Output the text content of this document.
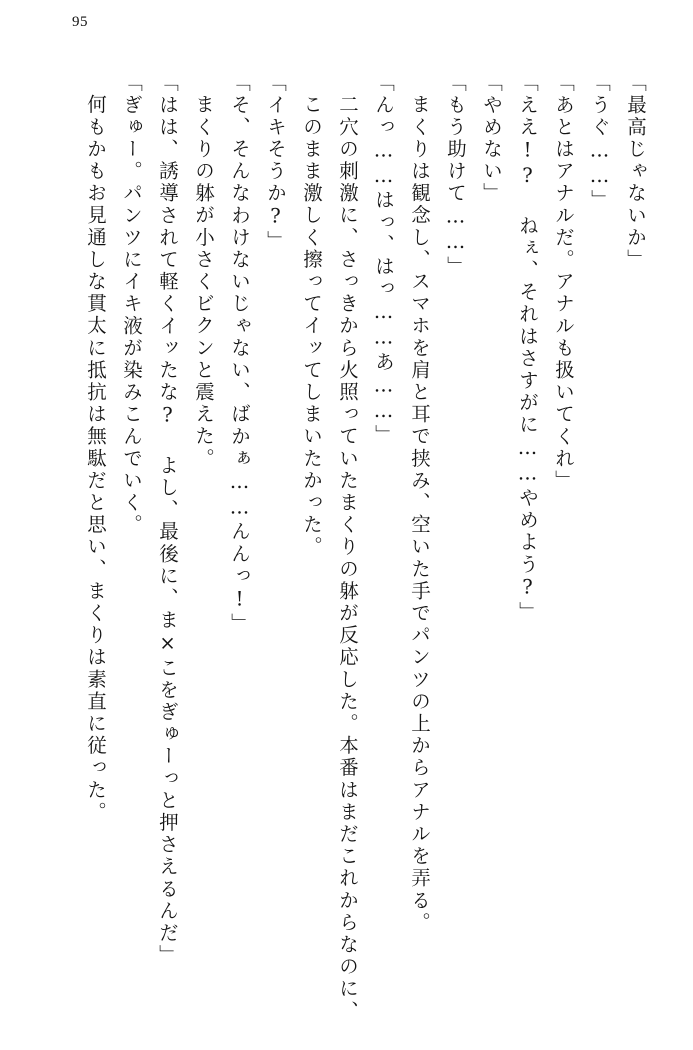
95
「最高じゃないか」
「うぐ……」
「あとはアナルだ。アナルも扱いてくれ」
「ええ!? ねぇ、それはさすがに……やめよう?」
「やめない」
「もう助けて……」
まくりは観念し、スマホを肩と耳で挟み、空いた手でパンツの上からアナルを弄る。
「んっ……はっ、はっ……あ……」
二穴の刺激に、さっきから火照っていたまくりの躰が反応した。本番はまだこれからなのに、このまま激しく擦ってイッてしまいたかった。
「イキそうか?」
「そ、そんなわけないじゃない、ばかぁ……んんっ!」
まくりの躰が小さくビクンと震えた。
「はは、誘導されて軽くイッたな? よし、最後に、ま×こをぎゅーっと押さえるんだ」
「ぎゅー。パンツにイキ液が染みこんでいく。
何もかもお見通しな貫太に抵抗は無駄だと思い、まくりは素直に従った。
